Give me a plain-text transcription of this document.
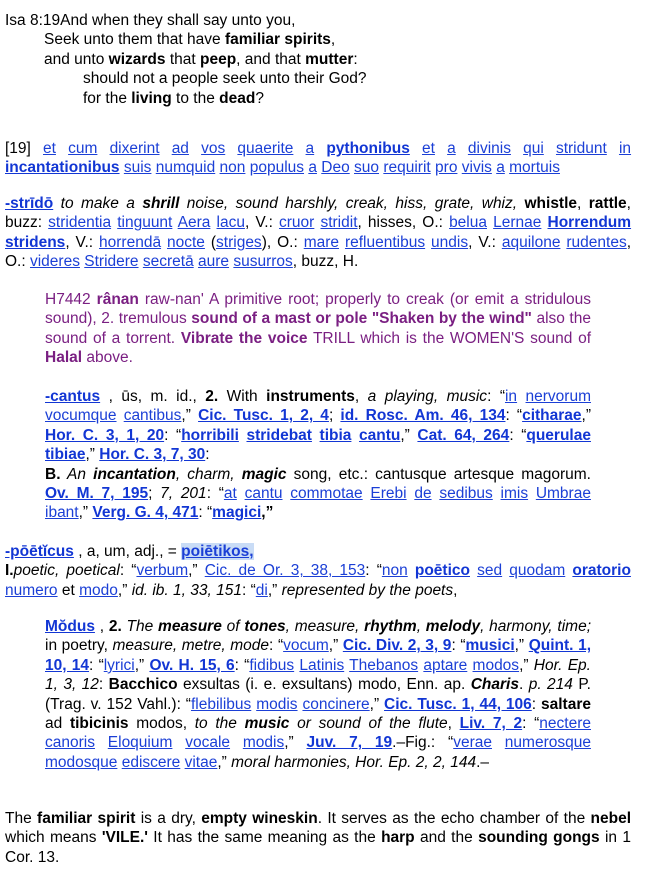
Isa 8:19And when they shall say unto you,
Seek unto them that have familiar spirits,
and unto wizards that peep, and that mutter:
should not a people seek unto their God?
for the living to the dead?
[19] et cum dixerint ad vos quaerite a pythonibus et a divinis qui stridunt in incantationibus suis numquid non populus a Deo suo requirit pro vivis a mortuis
-strīdō to make a shrill noise, sound harshly, creak, hiss, grate, whiz, whistle, rattle, buzz: stridentia tinguunt Aera lacu, V.: cruor stridit, hisses, O.: belua Lernae Horrendum stridens, V.: horrendā nocte (striges), O.: mare refluentibus undis, V.: aquilone rudentes, O.: videres Stridere secretā aure susurros, buzz, H.
H7442 rânan raw-nan' A primitive root; properly to creak (or emit a stridulous sound), 2. tremulous sound of a mast or pole "Shaken by the wind" also the sound of a torrent. Vibrate the voice TRILL which is the WOMEN'S sound of Halal above.
-cantus , ūs, m. id., 2. With instruments, a playing, music: “in nervorum vocumque cantibus,” Cic. Tusc. 1, 2, 4; id. Rosc. Am. 46, 134: “citharae,” Hor. C. 3, 1, 20: “horribili stridebat tibia cantu,” Cat. 64, 264: “querulae tibiae,” Hor. C. 3, 7, 30:
B. An incantation, charm, magic song, etc.: cantusque artesque magorum. Ov. M. 7, 195; 7, 201: “at cantu commotae Erebi de sedibus imis Umbrae ibant,” Verg. G. 4, 471: “magici,”
-pōētĭcus , a, um, adj., = poiētikos,
I.poetic, poetical: “verbum,” Cic. de Or. 3, 38, 153: “non poētico sed quodam oratorio numero et modo,” id. ib. 1, 33, 151: “di,” represented by the poets,
Mŏdus , 2. The measure of tones, measure, rhythm, melody, harmony, time; in poetry, measure, metre, mode: “vocum,” Cic. Div. 2, 3, 9: “musici,” Quint. 1, 10, 14: “lyrici,” Ov. H. 15, 6: “fidibus Latinis Thebanos aptare modos,” Hor. Ep. 1, 3, 12: Bacchico exsultas (i. e. exsultans) modo, Enn. ap. Charis. p. 214 P. (Trag. v. 152 Vahl.): “flebilibus modis concinere,” Cic. Tusc. 1, 44, 106: saltare ad tibicinis modos, to the music or sound of the flute, Liv. 7, 2: “nectere canoris Eloquium vocale modis,” Juv. 7, 19.–Fig.: “verae numerosque modosque ediscere vitae,” moral harmonies, Hor. Ep. 2, 2, 144.–
The familiar spirit is a dry, empty wineskin. It serves as the echo chamber of the nebel which means 'VILE.' It has the same meaning as the harp and the sounding gongs in 1 Cor. 13.
